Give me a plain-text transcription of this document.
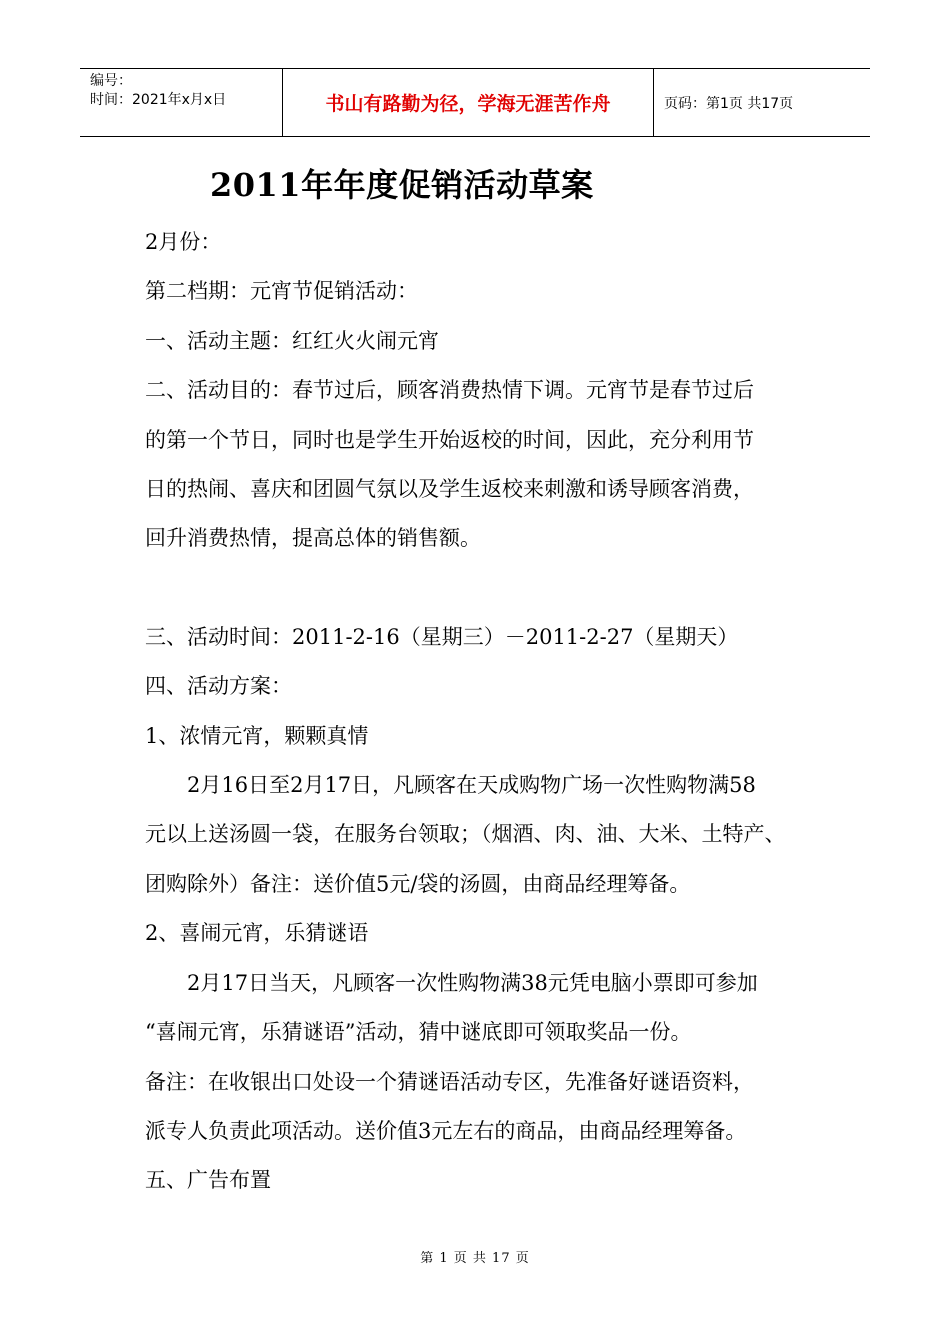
编号：
时间：2021年x月x日	书山有路勤为径，学海无涯苦作舟	页码：第1页 共17页
2011年年度促销活动草案
2月份：
第二档期：元宵节促销活动：
一、活动主题：红红火火闹元宵
二、活动目的：春节过后，顾客消费热情下调。元宵节是春节过后
的第一个节日，同时也是学生开始返校的时间，因此，充分利用节
日的热闹、喜庆和团圆气氛以及学生返校来刺激和诱导顾客消费，
回升消费热情，提高总体的销售额。
三、活动时间：2011-2-16（星期三）－2011-2-27（星期天）
四、活动方案：
1、浓情元宵，颗颗真情
2月16日至2月17日，凡顾客在天成购物广场一次性购物满58
元以上送汤圆一袋，在服务台领取；（烟酒、肉、油、大米、土特产、
团购除外）备注：送价值5元/袋的汤圆，由商品经理筹备。
2、喜闹元宵，乐猜谜语
2月17日当天，凡顾客一次性购物满38元凭电脑小票即可参加
“喜闹元宵，乐猜谜语”活动，猜中谜底即可领取奖品一份。
备注：在收银出口处设一个猜谜语活动专区，先准备好谜语资料，
派专人负责此项活动。送价值3元左右的商品，由商品经理筹备。
五、广告布置
第 1 页 共 17 页
